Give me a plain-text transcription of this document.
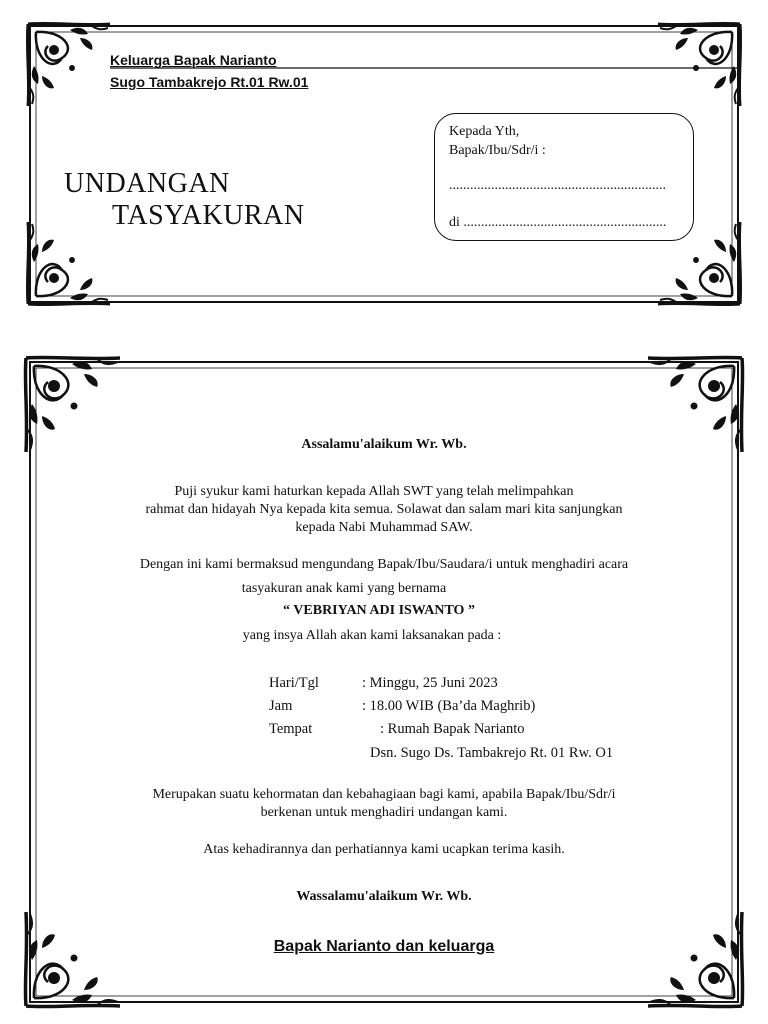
Keluarga Bapak Narianto
Sugo Tambakrejo Rt.01 Rw.01
UNDANGAN
TASYAKURAN
Kepada Yth,
Bapak/Ibu/Sdr/i :
..............................................................
di ..........................................................
Assalamu'alaikum Wr. Wb.
Puji syukur kami haturkan kepada Allah SWT yang telah melimpahkan
rahmat dan hidayah Nya kepada kita semua. Solawat dan salam mari kita sanjungkan
kepada Nabi Muhammad SAW.
Dengan ini kami bermaksud mengundang Bapak/Ibu/Saudara/i untuk menghadiri acara
tasyakuran anak kami yang bernama
“ VEBRIYAN ADI ISWANTO ”
yang insya Allah akan kami laksanakan pada :
Hari/Tgl	: Minggu, 25 Juni 2023
Jam	: 18.00 WIB (Ba’da Maghrib)
Tempat	: Rumah Bapak Narianto
Dsn. Sugo Ds. Tambakrejo Rt. 01 Rw. O1
Merupakan suatu kehormatan dan kebahagiaan bagi kami, apabila Bapak/Ibu/Sdr/i
berkenan untuk menghadiri undangan kami.
Atas kehadirannya dan perhatiannya kami ucapkan terima kasih.
Wassalamu'alaikum Wr. Wb.
Bapak Narianto dan keluarga
